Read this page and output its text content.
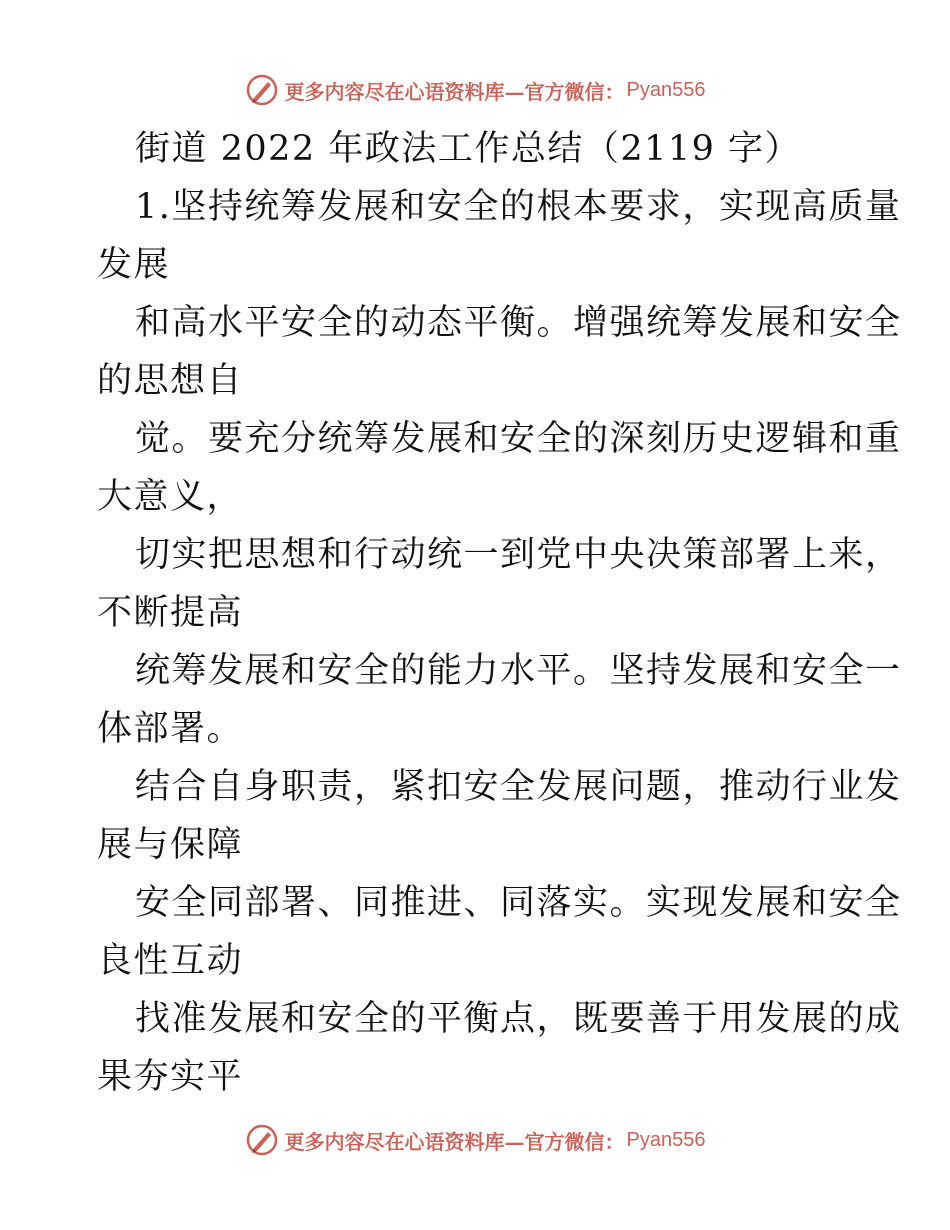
更多内容尽在心语资料库—官方微信： Pyan556
街道 2022 年政法工作总结（2119 字）
1.坚持统筹发展和安全的根本要求，实现高质量
发展
和高水平安全的动态平衡。增强统筹发展和安全
的思想自
觉。要充分统筹发展和安全的深刻历史逻辑和重
大意义，
切实把思想和行动统一到党中央决策部署上来，
不断提高
统筹发展和安全的能力水平。坚持发展和安全一
体部署。
结合自身职责，紧扣安全发展问题，推动行业发
展与保障
安全同部署、同推进、同落实。实现发展和安全
良性互动
找准发展和安全的平衡点，既要善于用发展的成
果夯实平
更多内容尽在心语资料库—官方微信： Pyan556
